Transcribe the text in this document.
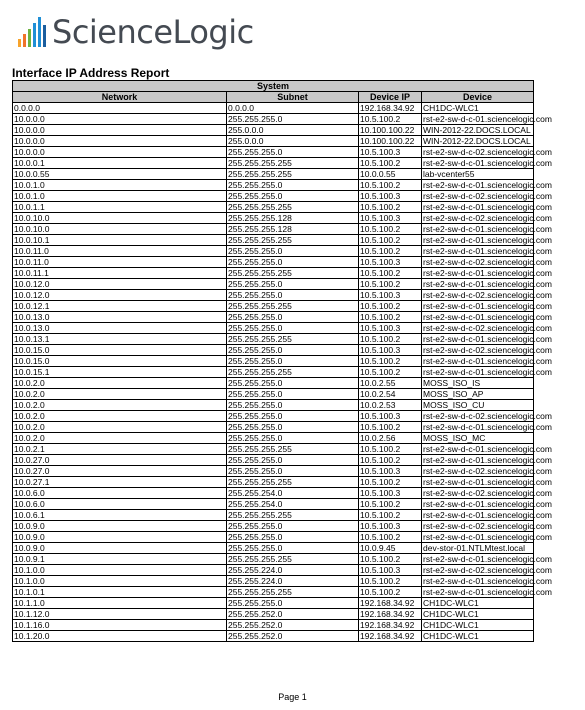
ScienceLogic
Interface IP Address Report
System			
Network	Subnet	Device IP	Device
0.0.0.0	0.0.0.0	192.168.34.92	CH1DC-WLC1
10.0.0.0	255.255.255.0	10.5.100.2	rst-e2-sw-d-c-01.sciencelogic.com
10.0.0.0	255.0.0.0	10.100.100.22	WIN-2012-22.DOCS.LOCAL
10.0.0.0	255.0.0.0	10.100.100.22	WIN-2012-22.DOCS.LOCAL
10.0.0.0	255.255.255.0	10.5.100.3	rst-e2-sw-d-c-02.sciencelogic.com
10.0.0.1	255.255.255.255	10.5.100.2	rst-e2-sw-d-c-01.sciencelogic.com
10.0.0.55	255.255.255.255	10.0.0.55	lab-vcenter55
10.0.1.0	255.255.255.0	10.5.100.2	rst-e2-sw-d-c-01.sciencelogic.com
10.0.1.0	255.255.255.0	10.5.100.3	rst-e2-sw-d-c-02.sciencelogic.com
10.0.1.1	255.255.255.255	10.5.100.2	rst-e2-sw-d-c-01.sciencelogic.com
10.0.10.0	255.255.255.128	10.5.100.3	rst-e2-sw-d-c-02.sciencelogic.com
10.0.10.0	255.255.255.128	10.5.100.2	rst-e2-sw-d-c-01.sciencelogic.com
10.0.10.1	255.255.255.255	10.5.100.2	rst-e2-sw-d-c-01.sciencelogic.com
10.0.11.0	255.255.255.0	10.5.100.2	rst-e2-sw-d-c-01.sciencelogic.com
10.0.11.0	255.255.255.0	10.5.100.3	rst-e2-sw-d-c-02.sciencelogic.com
10.0.11.1	255.255.255.255	10.5.100.2	rst-e2-sw-d-c-01.sciencelogic.com
10.0.12.0	255.255.255.0	10.5.100.2	rst-e2-sw-d-c-01.sciencelogic.com
10.0.12.0	255.255.255.0	10.5.100.3	rst-e2-sw-d-c-02.sciencelogic.com
10.0.12.1	255.255.255.255	10.5.100.2	rst-e2-sw-d-c-01.sciencelogic.com
10.0.13.0	255.255.255.0	10.5.100.2	rst-e2-sw-d-c-01.sciencelogic.com
10.0.13.0	255.255.255.0	10.5.100.3	rst-e2-sw-d-c-02.sciencelogic.com
10.0.13.1	255.255.255.255	10.5.100.2	rst-e2-sw-d-c-01.sciencelogic.com
10.0.15.0	255.255.255.0	10.5.100.3	rst-e2-sw-d-c-02.sciencelogic.com
10.0.15.0	255.255.255.0	10.5.100.2	rst-e2-sw-d-c-01.sciencelogic.com
10.0.15.1	255.255.255.255	10.5.100.2	rst-e2-sw-d-c-01.sciencelogic.com
10.0.2.0	255.255.255.0	10.0.2.55	MOSS_ISO_IS
10.0.2.0	255.255.255.0	10.0.2.54	MOSS_ISO_AP
10.0.2.0	255.255.255.0	10.0.2.53	MOSS_ISO_CU
10.0.2.0	255.255.255.0	10.5.100.3	rst-e2-sw-d-c-02.sciencelogic.com
10.0.2.0	255.255.255.0	10.5.100.2	rst-e2-sw-d-c-01.sciencelogic.com
10.0.2.0	255.255.255.0	10.0.2.56	MOSS_ISO_MC
10.0.2.1	255.255.255.255	10.5.100.2	rst-e2-sw-d-c-01.sciencelogic.com
10.0.27.0	255.255.255.0	10.5.100.2	rst-e2-sw-d-c-01.sciencelogic.com
10.0.27.0	255.255.255.0	10.5.100.3	rst-e2-sw-d-c-02.sciencelogic.com
10.0.27.1	255.255.255.255	10.5.100.2	rst-e2-sw-d-c-01.sciencelogic.com
10.0.6.0	255.255.254.0	10.5.100.3	rst-e2-sw-d-c-02.sciencelogic.com
10.0.6.0	255.255.254.0	10.5.100.2	rst-e2-sw-d-c-01.sciencelogic.com
10.0.6.1	255.255.255.255	10.5.100.2	rst-e2-sw-d-c-01.sciencelogic.com
10.0.9.0	255.255.255.0	10.5.100.3	rst-e2-sw-d-c-02.sciencelogic.com
10.0.9.0	255.255.255.0	10.5.100.2	rst-e2-sw-d-c-01.sciencelogic.com
10.0.9.0	255.255.255.0	10.0.9.45	dev-stor-01.NTLMtest.local
10.0.9.1	255.255.255.255	10.5.100.2	rst-e2-sw-d-c-01.sciencelogic.com
10.1.0.0	255.255.224.0	10.5.100.3	rst-e2-sw-d-c-02.sciencelogic.com
10.1.0.0	255.255.224.0	10.5.100.2	rst-e2-sw-d-c-01.sciencelogic.com
10.1.0.1	255.255.255.255	10.5.100.2	rst-e2-sw-d-c-01.sciencelogic.com
10.1.1.0	255.255.255.0	192.168.34.92	CH1DC-WLC1
10.1.12.0	255.255.252.0	192.168.34.92	CH1DC-WLC1
10.1.16.0	255.255.252.0	192.168.34.92	CH1DC-WLC1
10.1.20.0	255.255.252.0	192.168.34.92	CH1DC-WLC1
Page 1
